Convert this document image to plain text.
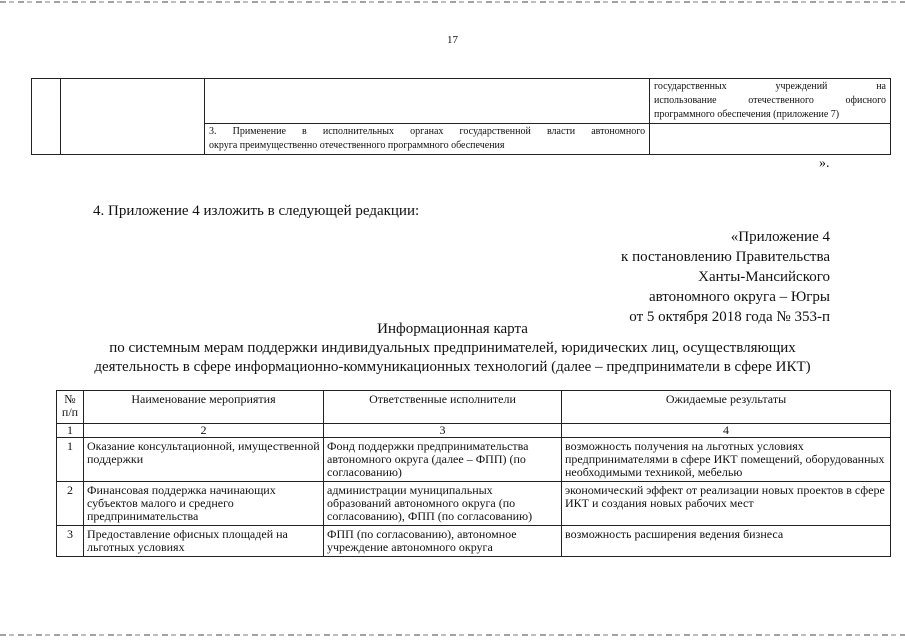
17

			государственных учреждений на
использование отечественного офисного
программного обеспечения (приложение 7)

		3. Применение в исполнительных органах государственной власти автономного
округа преимущественно отечественного программного обеспечения	

».
4. Приложение 4 изложить в следующей редакции:
«Приложение 4
к постановлению Правительства
Ханты-Мансийского
автономного округа – Югры
от 5 октября 2018 года № 353-п
Информационная карта
по системным мерам поддержки индивидуальных предпринимателей, юридических лиц, осуществляющих
деятельность в сфере информационно-коммуникационных технологий (далее – предприниматели в сфере ИКТ)
№ п/п	Наименование мероприятия	Ответственные исполнители	Ожидаемые результаты
1	2	3	4
1	Оказание консультационной, имущественной поддержки	Фонд поддержки предпринимательства автономного округа (далее – ФПП) (по согласованию)	возможность получения на льготных условиях предпринимателями в сфере ИКТ помещений, оборудованных необходимыми техникой, мебелью
2	Финансовая поддержка начинающих субъектов малого и среднего предпринимательства	администрации муниципальных образований автономного округа (по согласованию), ФПП (по согласованию)	экономический эффект от реализации новых проектов в сфере ИКТ и создания новых рабочих мест
3	Предоставление офисных площадей на льготных условиях	ФПП (по согласованию), автономное учреждение автономного округа	возможность расширения ведения бизнеса
